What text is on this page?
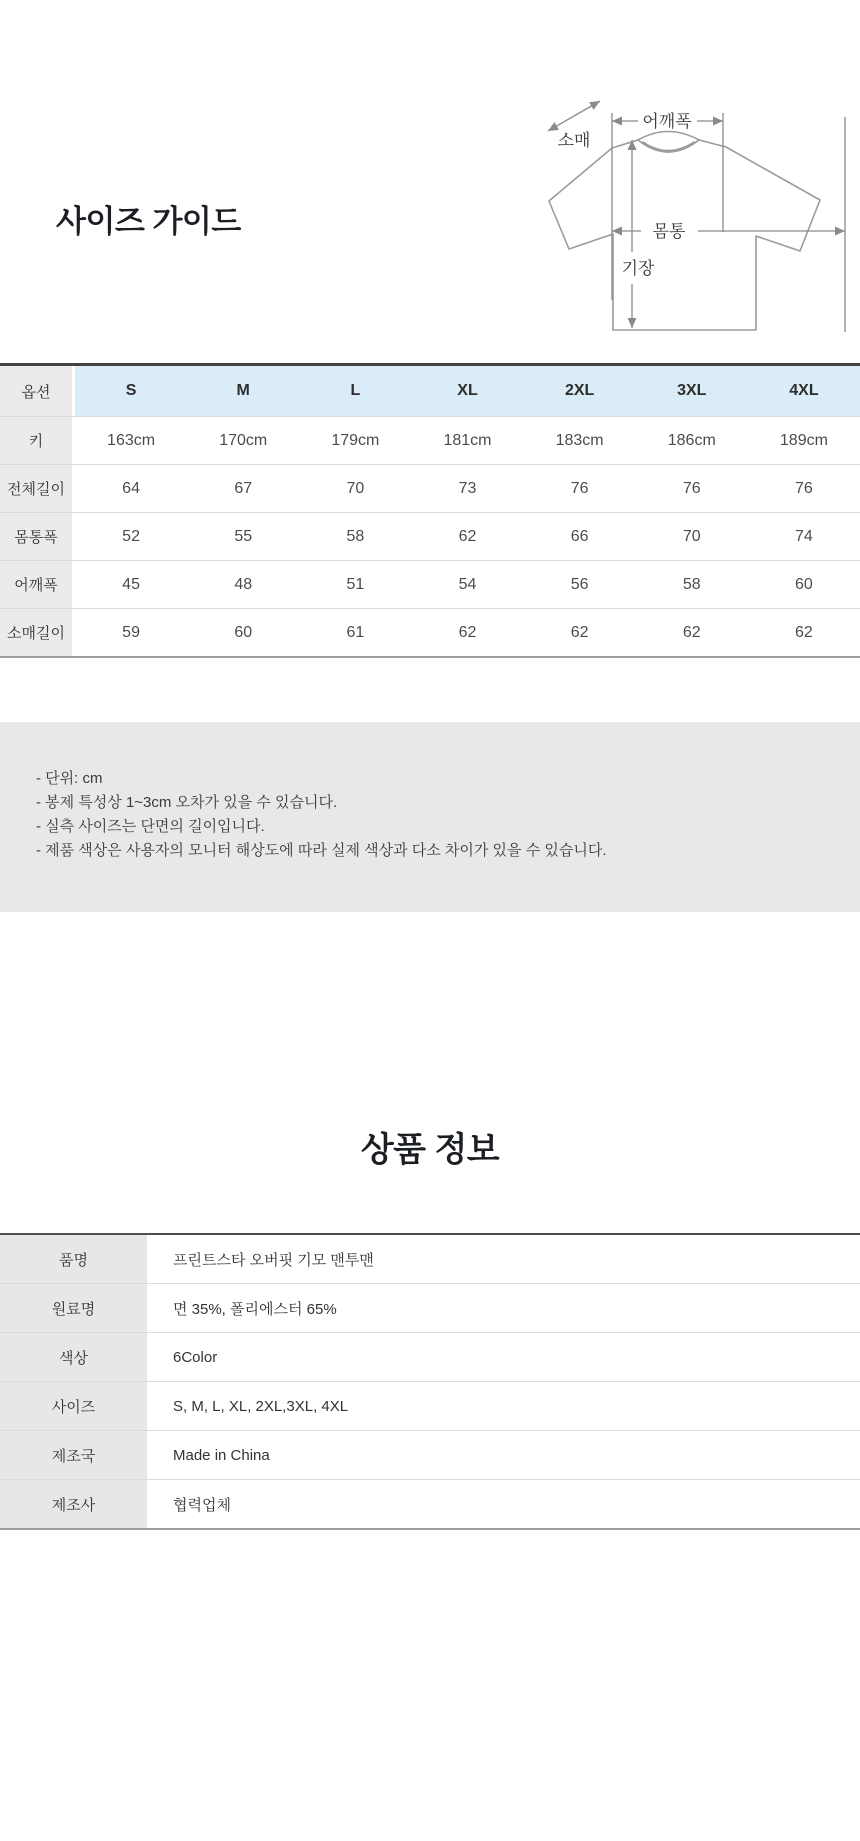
사이즈 가이드
소매
어깨폭
몸통
기장
옵션	S	M	L	XL	2XL	3XL	4XL
키	163cm	170cm	179cm	181cm	183cm	186cm	189cm
전체길이	64	67	70	73	76	76	76
몸통폭	52	55	58	62	66	70	74
어깨폭	45	48	51	54	56	58	60
소매길이	59	60	61	62	62	62	62
- 단위: cm
- 봉제 특성상 1~3cm 오차가 있을 수 있습니다.
- 실측 사이즈는 단면의 길이입니다.
- 제품 색상은 사용자의 모니터 해상도에 따라 실제 색상과 다소 차이가 있을 수 있습니다.
상품 정보
품명	프린트스타 오버핏 기모 맨투맨
원료명	면 35%, 폴리에스터 65%
색상	6Color
사이즈	S, M, L, XL, 2XL,3XL, 4XL
제조국	Made in China
제조사	협력업체
